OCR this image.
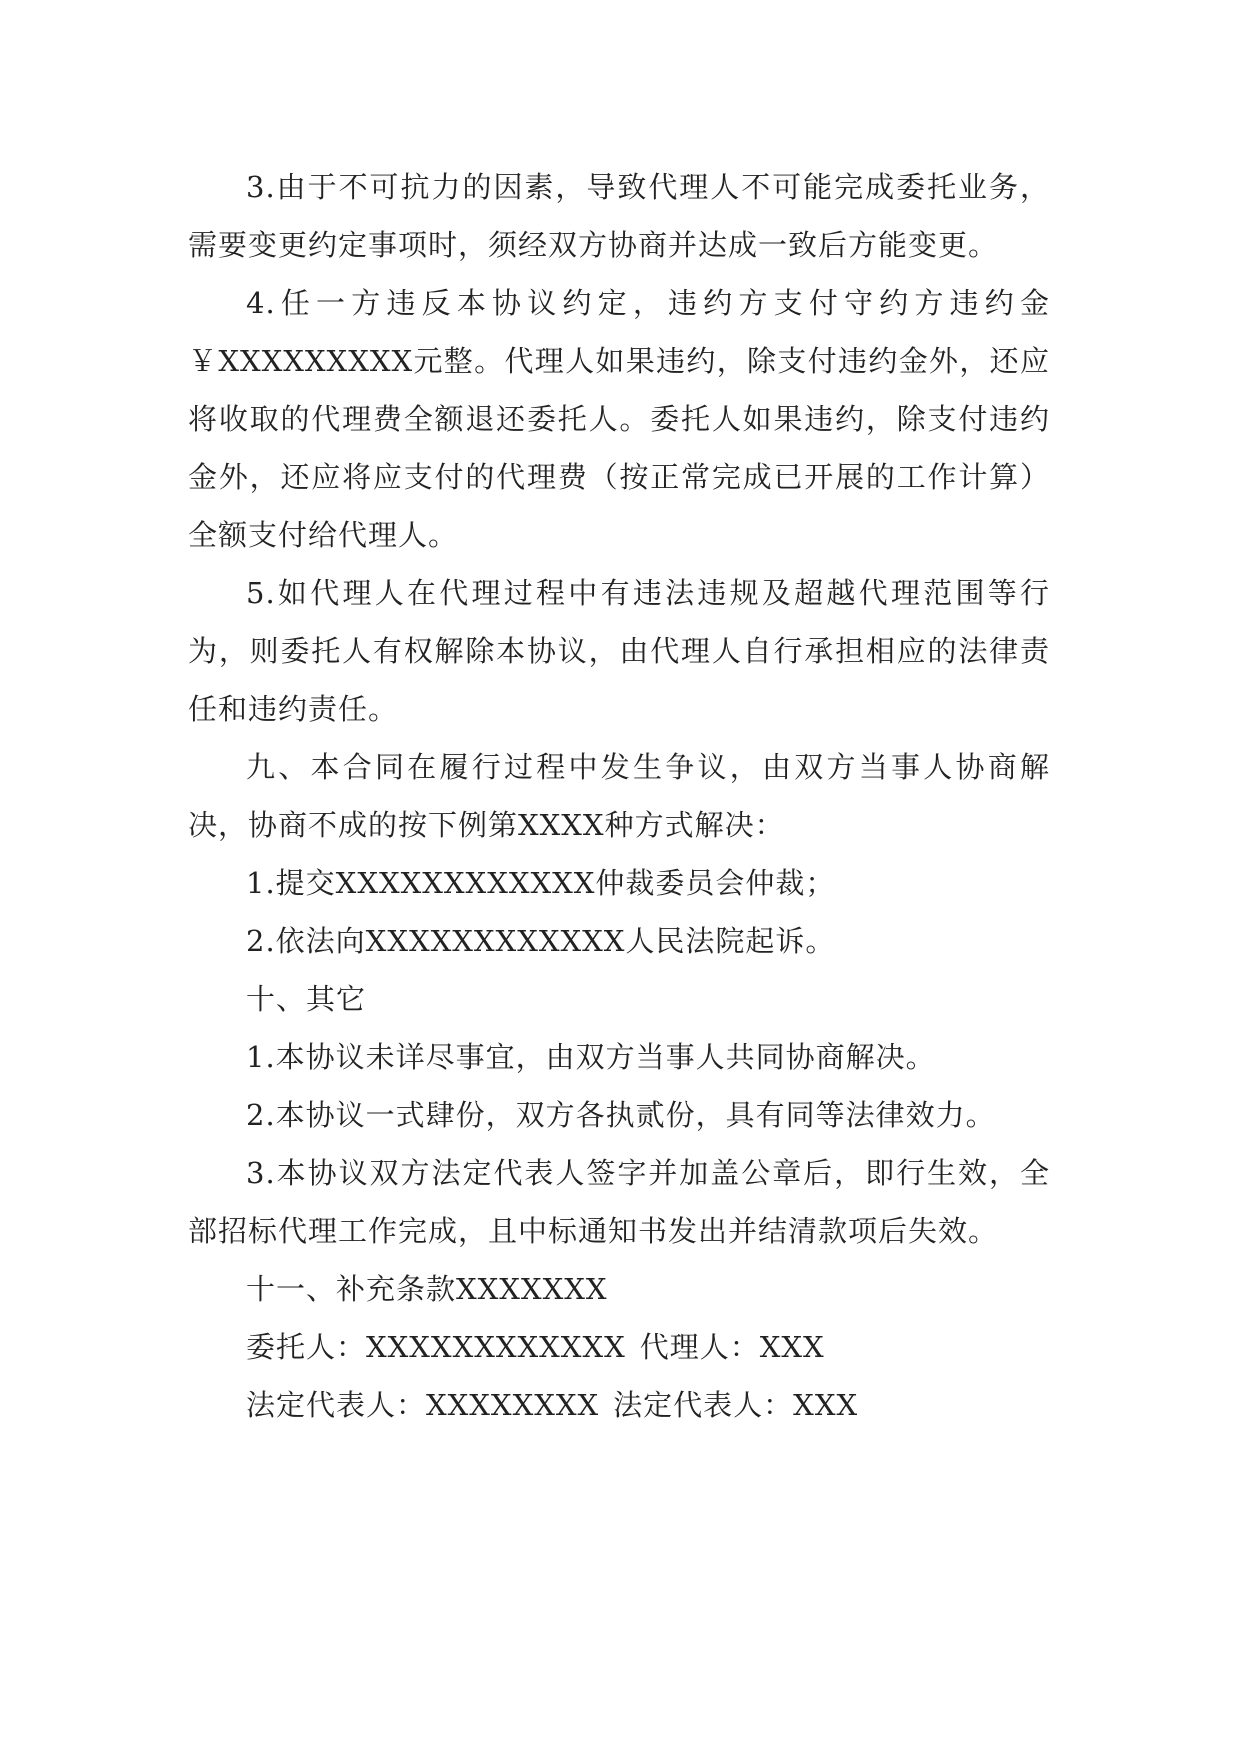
3.由于不可抗力的因素，导致代理人不可能完成委托业务，需要变更约定事项时，须经双方协商并达成一致后方能变更。

4.任一方违反本协议约定，违约方支付守约方违约金￥XXXXXXXXX元整。代理人如果违约，除支付违约金外，还应将收取的代理费全额退还委托人。委托人如果违约，除支付违约金外，还应将应支付的代理费（按正常完成已开展的工作计算）全额支付给代理人。

5.如代理人在代理过程中有违法违规及超越代理范围等行为，则委托人有权解除本协议，由代理人自行承担相应的法律责任和违约责任。

九、本合同在履行过程中发生争议，由双方当事人协商解决，协商不成的按下例第XXXX种方式解决：

1.提交XXXXXXXXXXXX仲裁委员会仲裁；

2.依法向XXXXXXXXXXXX人民法院起诉。

十、其它

1.本协议未详尽事宜，由双方当事人共同协商解决。

2.本协议一式肆份，双方各执贰份，具有同等法律效力。

3.本协议双方法定代表人签字并加盖公章后，即行生效，全部招标代理工作完成，且中标通知书发出并结清款项后失效。

十一、补充条款XXXXXXX

委托人：XXXXXXXXXXXX 代理人：XXX

法定代表人：XXXXXXXX 法定代表人：XXX
